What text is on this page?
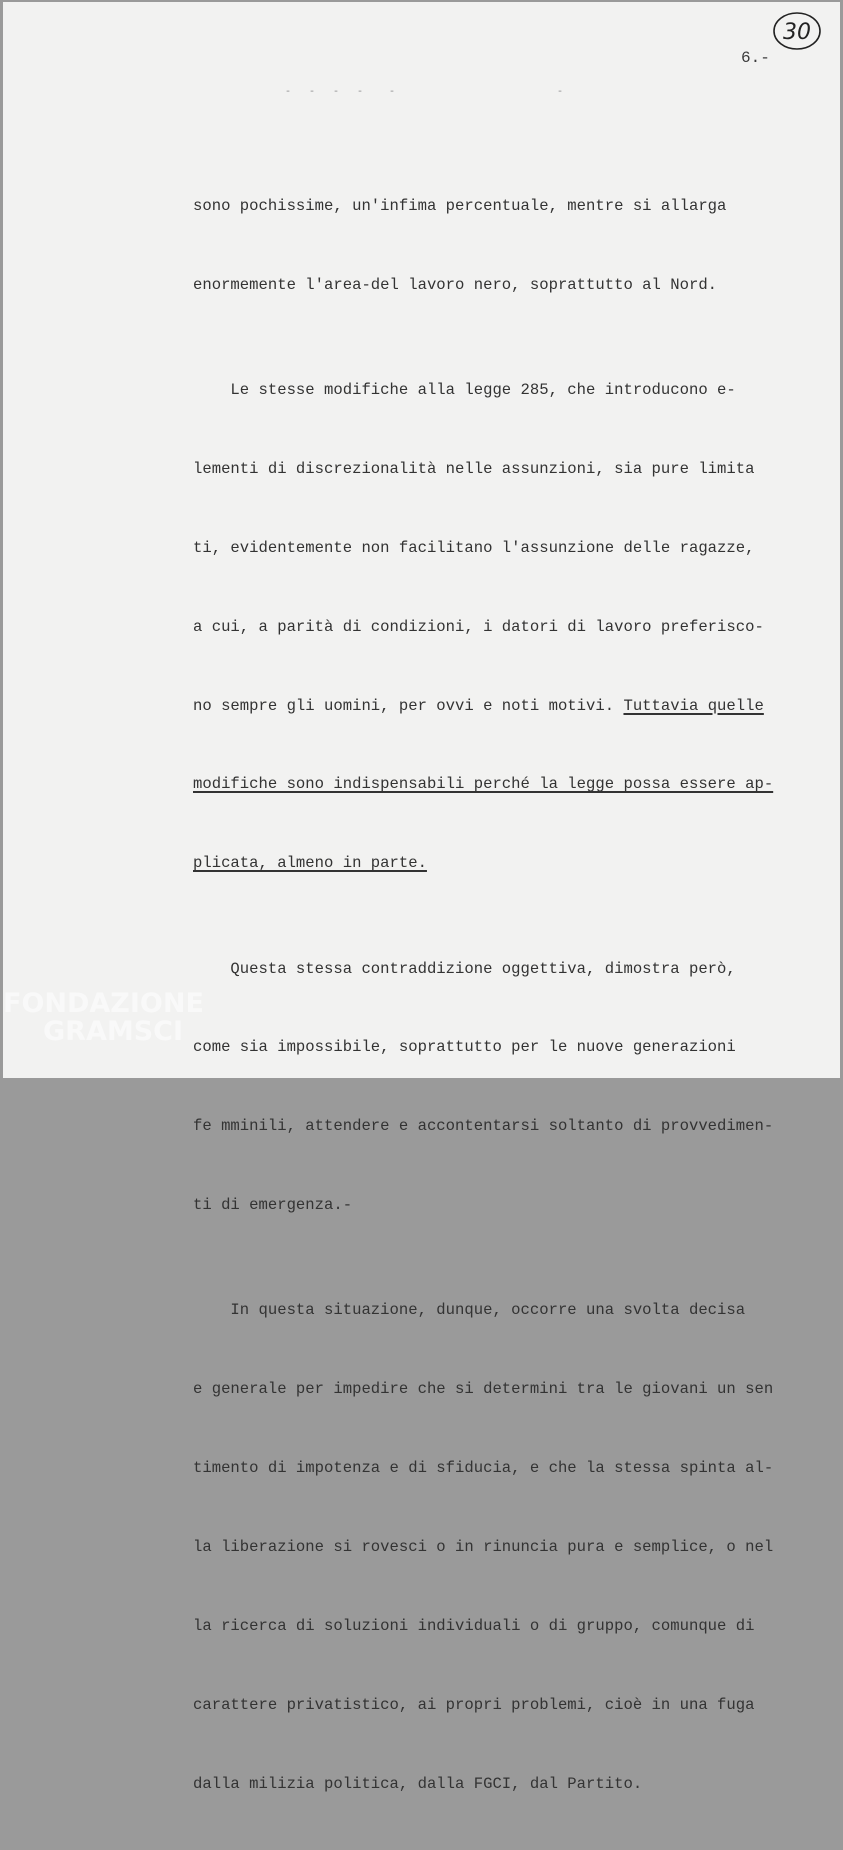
30
6.-
-  -  -  -   -                    -

sono pochissime, un'infima percentuale, mentre si allarga

enormemente l'area-del lavoro nero, soprattutto al Nord.

Le stesse modifiche alla legge 285, che introducono e-

lementi di discrezionalità nelle assunzioni, sia pure limita

ti, evidentemente non facilitano l'assunzione delle ragazze,

a cui, a parità di condizioni, i datori di lavoro preferisco-

no sempre gli uomini, per ovvi e noti motivi. Tuttavia quelle

modifiche sono indispensabili perché la legge possa essere ap-

plicata, almeno in parte.

Questa stessa contraddizione oggettiva, dimostra però,

come sia impossibile, soprattutto per le nuove generazioni

fe mminili, attendere e accontentarsi soltanto di provvedimen-

ti di emergenza.-

In questa situazione, dunque, occorre una svolta decisa

e generale per impedire che si determini tra le giovani un sen

timento di impotenza e di sfiducia, e che la stessa spinta al-

la liberazione si rovesci o in rinuncia pura e semplice, o nel

la ricerca di soluzioni individuali o di gruppo, comunque di

carattere privatistico, ai propri problemi, cioè in una fuga

dalla milizia politica, dalla FGCI, dal Partito.

FONDAZIONE
GRAMSCI
